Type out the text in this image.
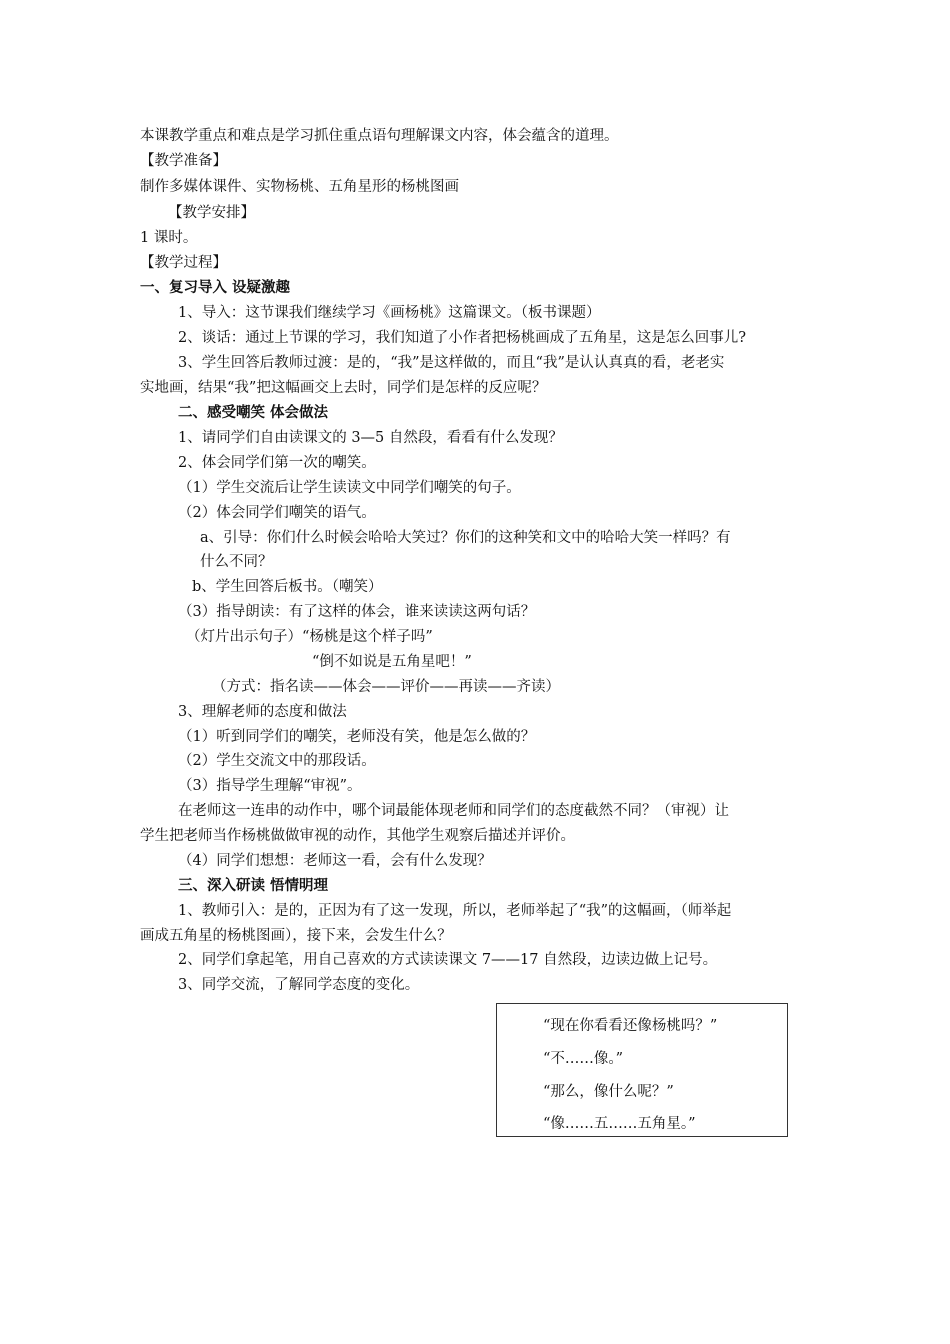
本课教学重点和难点是学习抓住重点语句理解课文内容，体会蕴含的道理。
【教学准备】
制作多媒体课件、实物杨桃、五角星形的杨桃图画
【教学安排】
1 课时。
【教学过程】
一、复习导入 设疑激趣
1、导入：这节课我们继续学习《画杨桃》这篇课文。（板书课题）
2、谈话：通过上节课的学习，我们知道了小作者把杨桃画成了五角星，这是怎么回事儿?
3、学生回答后教师过渡：是的，“我”是这样做的，而且“我”是认认真真的看，老老实
实地画，结果“我”把这幅画交上去时，同学们是怎样的反应呢？
二、感受嘲笑 体会做法
1、请同学们自由读课文的 3—5 自然段，看看有什么发现？
2、体会同学们第一次的嘲笑。
（1）学生交流后让学生读读文中同学们嘲笑的句子。
（2）体会同学们嘲笑的语气。
a、引导：你们什么时候会哈哈大笑过？你们的这种笑和文中的哈哈大笑一样吗？有
什么不同？
b、学生回答后板书。（嘲笑）
（3）指导朗读：有了这样的体会，谁来读读这两句话？
（灯片出示句子）“杨桃是这个样子吗”
“倒不如说是五角星吧！”
（方式：指名读——体会——评价——再读——齐读）
3、理解老师的态度和做法
（1）听到同学们的嘲笑，老师没有笑，他是怎么做的？
（2）学生交流文中的那段话。
（3）指导学生理解“审视”。
在老师这一连串的动作中，哪个词最能体现老师和同学们的态度截然不同？（审视）让
学生把老师当作杨桃做做审视的动作，其他学生观察后描述并评价。
（4）同学们想想：老师这一看，会有什么发现？
三、深入研读 悟情明理
1、教师引入：是的，正因为有了这一发现，所以，老师举起了“我”的这幅画，（师举起
画成五角星的杨桃图画），接下来，会发生什么？
2、同学们拿起笔，用自己喜欢的方式读读课文 7——17 自然段，边读边做上记号。
3、同学交流，了解同学态度的变化。
“现在你看看还像杨桃吗？”
“不……像。”
“那么，像什么呢？”
“像……五……五角星。”
